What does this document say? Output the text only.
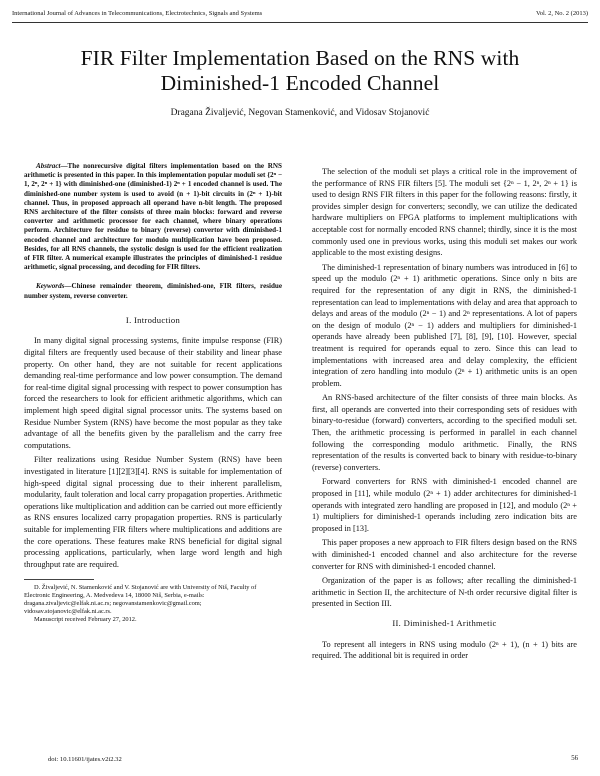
International Journal of Advances in Telecommunications, Electrotechnics, Signals and Systems	Vol. 2, No. 2 (2013)
FIR Filter Implementation Based on the RNS with
Diminished-1 Encoded Channel
Dragana Živaljević, Negovan Stamenković, and Vidosav Stojanović

Abstract—The nonrecursive digital filters implementation based on the RNS arithmetic is presented in this paper. In this implementation popular moduli set {2ⁿ − 1, 2ⁿ, 2ⁿ + 1} with diminished-one (diminished-1) 2ⁿ + 1 encoded channel is used. The diminished-one number system is used to avoid (n + 1)-bit circuits in (2ⁿ + 1)-bit channel. Thus, in proposed approach all operand have n-bit length. The proposed RNS architecture of the filter consists of three main blocks: forward and reverse converter and arithmetic processor for each channel, where binary operations perform. Architecture for residue to binary (reverse) convertor with diminished-1 encoded channel and architecture for modulo multiplication have been proposed. Besides, for all RNS channels, the systolic design is used for the efficient realization of FIR filter. A numerical example illustrates the principles of diminished-1 residue arithmetic, signal processing, and decoding for FIR filters.

Keywords—Chinese remainder theorem, diminished-one, FIR filters, residue number system, reverse converter.

I. Introduction

In many digital signal processing systems, finite impulse response (FIR) digital filters are frequently used because of their stability and linear phase property. On other hand, they are not suitable for recent applications demanding real-time performance and low power consumption. The demand for real-time digital signal processing with respect to power consumption has forced the researchers to look for efficient arithmetic algorithms, which can implement high speed digital signal processor units. The systems based on Residue Number System (RNS) have become the most popular as they take advantage of all the benefits given by the parallelism and the carry free computations.

Filter realizations using Residue Number System (RNS) have been investigated in literature [1][2][3][4]. RNS is suitable for implementation of high-speed digital signal processing due to their inherent parallelism, modularity, fault toleration and local carry propagation properties. Arithmetic operations like multiplication and addition can be carried out more efficiently as RNS ensures localized carry propagation properties. RNS is particularly suitable for implementing FIR filters where multiplications and additions are the core operations. These features make RNS beneficial for digital signal processing applications, particularly, when large word length and high throughput rate are required.

D. Živaljević, N. Stamenković and V. Stojanović are with University of Niš, Faculty of Electronic Engineering, A. Medvedeva 14, 18000 Niš, Serbia, e-mails: dragana.zivaljevic@elfak.ni.ac.rs; negovanstamenkovic@gmail.com; vidosav.stojanovic@elfak.ni.ac.rs.

Manuscript received February 27, 2012.

The selection of the moduli set plays a critical role in the improvement of the performance of RNS FIR filters [5]. The moduli set {2ⁿ − 1, 2ⁿ, 2ⁿ + 1} is used to design RNS FIR filters in this paper for the following reasons: firstly, it provides simpler design for converters; secondly, we can utilize the dedicated hardware multipliers on FPGA platforms to implement multiplications with acceptable cost for normally encoded RNS channel; thirdly, since it is the most commonly used one in previous works, using this moduli set makes our work applicable to the most existing designs.

The diminished-1 representation of binary numbers was introduced in [6] to speed up the modulo (2ⁿ + 1) arithmetic operations. Since only n bits are required for the representation of any digit in RNS, the diminished-1 representation can lead to implementations with delay and area that approach to delays and areas of the modulo (2ⁿ − 1) and 2ⁿ representations. A lot of papers on the design of modulo (2ⁿ − 1) adders and multipliers for diminished-1 operands have already been published [7], [8], [9], [10]. However, special treatment is required for operands equal to zero. Since this can lead to implementations with increased area and delay complexity, the efficient integration of zero handling into modulo (2ⁿ + 1) arithmetic units is an open problem.

An RNS-based architecture of the filter consists of three main blocks. As first, all operands are converted into their corresponding sets of residues with binary-to-residue (forward) converters, according to the specified moduli set. Then, the arithmetic processing is performed in parallel in each channel following the corresponding modulo arithmetic. Finally, the RNS representation of the results is converted back to binary with residue-to-binary (reverse) converters.

Forward converters for RNS with diminished-1 encoded channel are proposed in [11], while modulo (2ⁿ + 1) adder architectures for diminished-1 operands with integrated zero handling are proposed in [12], and modulo (2ⁿ + 1) multipliers for diminished-1 operands including zero indication bits are proposed in [13].

This paper proposes a new approach to FIR filters design based on the RNS with diminished-1 encoded channel and also architecture for the reverse converter for RNS with diminished-1 encoded channel.

Organization of the paper is as follows; after recalling the diminished-1 arithmetic in Section II, the architecture of N-th order recursive digital filter is presented in Section III.

II. Diminished-1 Arithmetic

To represent all integers in RNS using modulo (2ⁿ + 1), (n + 1) bits are required. The additional bit is required in order

doi: 10.11601/ijates.v2i2.32	56
